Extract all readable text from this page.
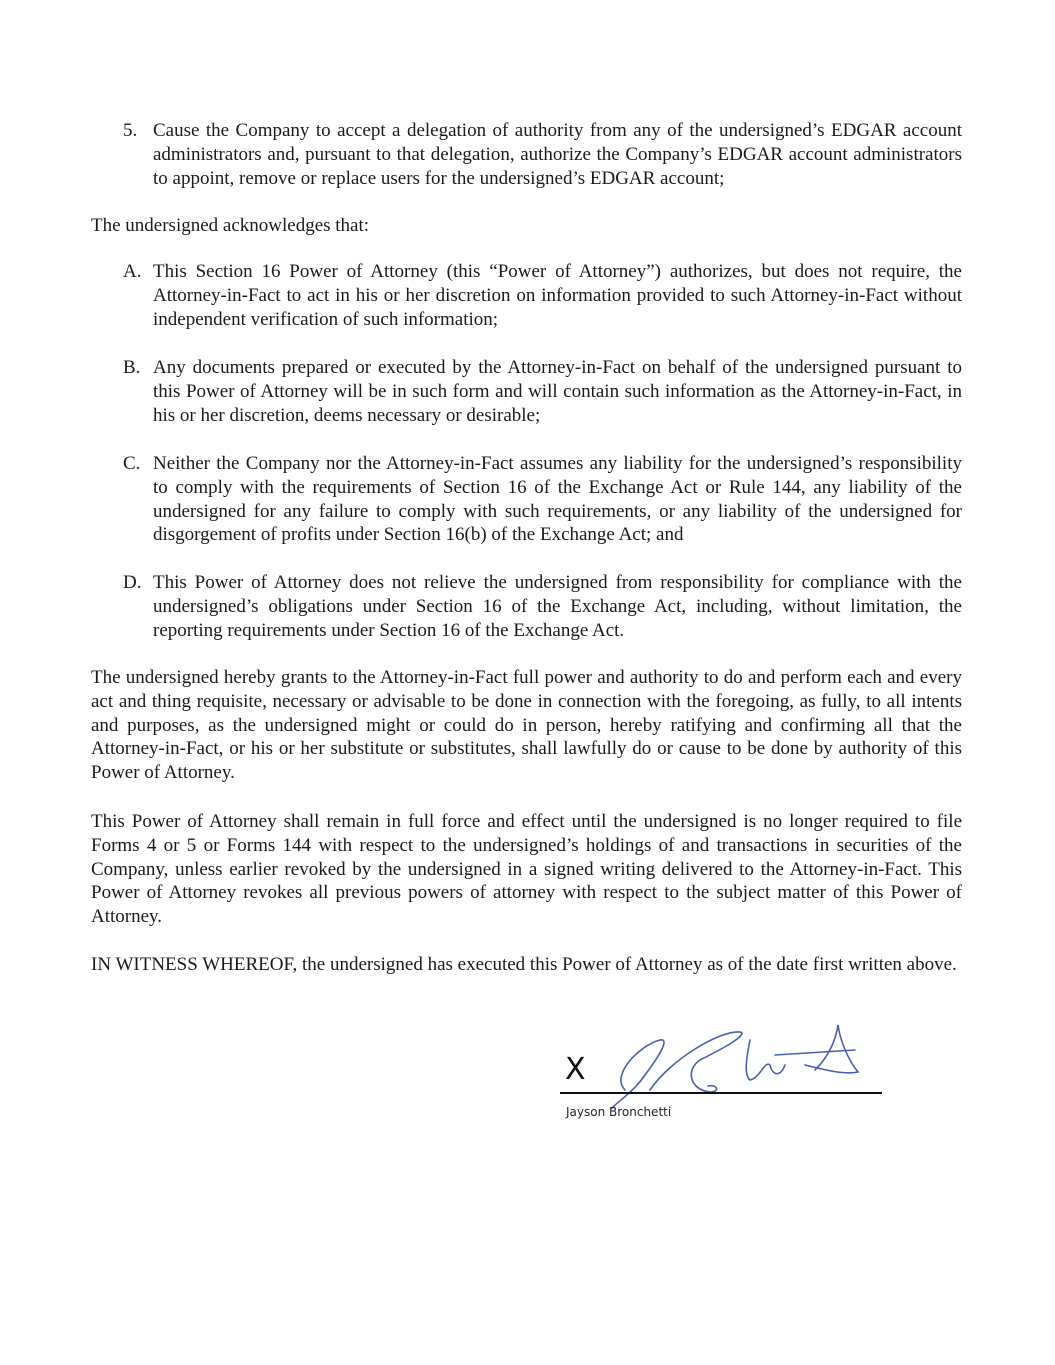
5. Cause the Company to accept a delegation of authority from any of the undersigned’s EDGAR account administrators and, pursuant to that delegation, authorize the Company’s EDGAR account administrators to appoint, remove or replace users for the undersigned’s EDGAR account;
The undersigned acknowledges that:
A. This Section 16 Power of Attorney (this “Power of Attorney”) authorizes, but does not require, the Attorney-in-Fact to act in his or her discretion on information provided to such Attorney-in-Fact without independent verification of such information;
B. Any documents prepared or executed by the Attorney-in-Fact on behalf of the undersigned pursuant to this Power of Attorney will be in such form and will contain such information as the Attorney-in-Fact, in his or her discretion, deems necessary or desirable;
C. Neither the Company nor the Attorney-in-Fact assumes any liability for the undersigned’s responsibility to comply with the requirements of Section 16 of the Exchange Act or Rule 144, any liability of the undersigned for any failure to comply with such requirements, or any liability of the undersigned for disgorgement of profits under Section 16(b) of the Exchange Act; and
D. This Power of Attorney does not relieve the undersigned from responsibility for compliance with the undersigned’s obligations under Section 16 of the Exchange Act, including, without limitation, the reporting requirements under Section 16 of the Exchange Act.
The undersigned hereby grants to the Attorney-in-Fact full power and authority to do and perform each and every act and thing requisite, necessary or advisable to be done in connection with the foregoing, as fully, to all intents and purposes, as the undersigned might or could do in person, hereby ratifying and confirming all that the Attorney-in-Fact, or his or her substitute or substitutes, shall lawfully do or cause to be done by authority of this Power of Attorney.
This Power of Attorney shall remain in full force and effect until the undersigned is no longer required to file Forms 4 or 5 or Forms 144 with respect to the undersigned’s holdings of and transactions in securities of the Company, unless earlier revoked by the undersigned in a signed writing delivered to the Attorney-in-Fact. This Power of Attorney revokes all previous powers of attorney with respect to the subject matter of this Power of Attorney.
IN WITNESS WHEREOF, the undersigned has executed this Power of Attorney as of the date first written above.
X
Jayson Bronchetti
